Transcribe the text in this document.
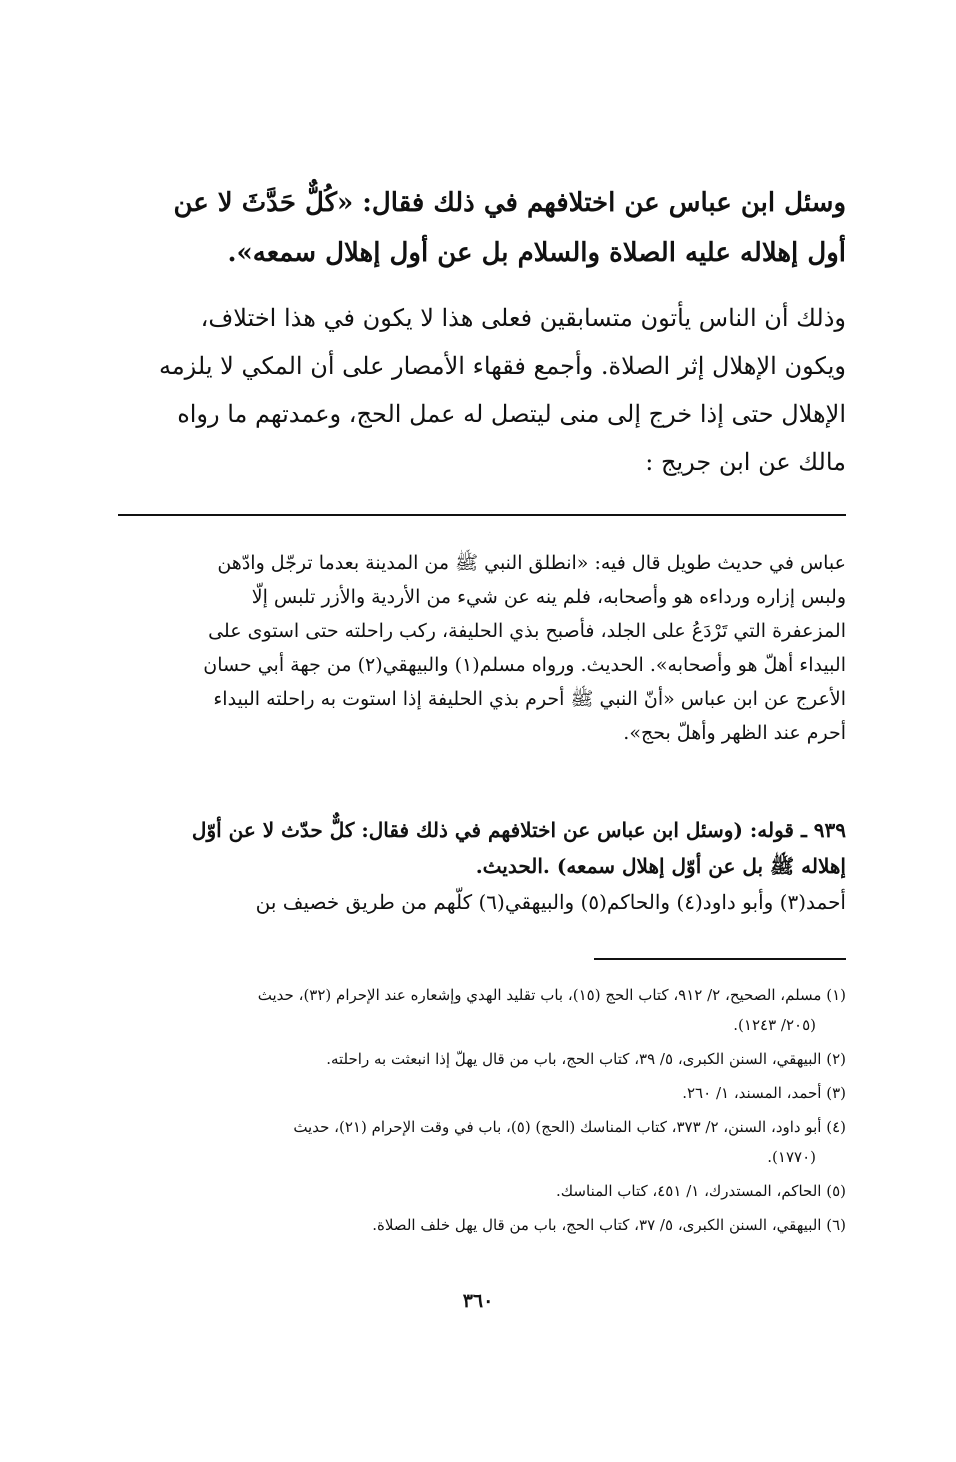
وسئل ابن عباس عن اختلافهم في ذلك فقال: «كُلٌّ حَدَّثَ لا عن
أول إهلاله عليه الصلاة والسلام بل عن أول إهلال سمعه».
وذلك أن الناس يأتون متسابقين فعلى هذا لا يكون في هذا اختلاف،
ويكون الإهلال إثر الصلاة. وأجمع فقهاء الأمصار على أن المكي لا يلزمه
الإهلال حتى إذا خرج إلى منى ليتصل له عمل الحج، وعمدتهم ما رواه
مالك عن ابن جريج :
عباس في حديث طويل قال فيه: «انطلق النبي ﷺ من المدينة بعدما ترجّل وادّهن
ولبس إزاره ورداءه هو وأصحابه، فلم ينه عن شيء من الأردية والأزر تلبس إلّا
المزعفرة التي تَرْدَعُ على الجلد، فأصبح بذي الحليفة، ركب راحلته حتى استوى على
البيداء أهلّ هو وأصحابه». الحديث. ورواه مسلم(١) والبيهقي(٢) من جهة أبي حسان
الأعرج عن ابن عباس «أنّ النبي ﷺ أحرم بذي الحليفة إذا استوت به راحلته البيداء
أحرم عند الظهر وأهلّ بحج».
٩٣٩ ـ قوله: (وسئل ابن عباس عن اختلافهم في ذلك فقال: كلٌّ حدّث لا عن أوّل
إهلاله ﷺ بل عن أوّل إهلال سمعه) .الحديث.
أحمد(٣) وأبو داود(٤) والحاكم(٥) والبيهقي(٦) كلّهم من طريق خصيف بن
(١) مسلم، الصحيح، ٢/ ٩١٢، كتاب الحج (١٥)، باب تقليد الهدي وإشعاره عند الإحرام (٣٢)، حديث
(٢٠٥/ ١٢٤٣).
(٢) البيهقي، السنن الكبرى، ٥/ ٣٩، كتاب الحج، باب من قال يهلّ إذا انبعثت به راحلته.
(٣) أحمد، المسند، ١/ ٢٦٠.
(٤) أبو داود، السنن، ٢/ ٣٧٣، كتاب المناسك (الحج) (٥)، باب في وقت الإحرام (٢١)، حديث
(١٧٧٠).
(٥) الحاكم، المستدرك، ١/ ٤٥١، كتاب المناسك.
(٦) البيهقي، السنن الكبرى، ٥/ ٣٧، كتاب الحج، باب من قال يهل خلف الصلاة.
٣٦٠
